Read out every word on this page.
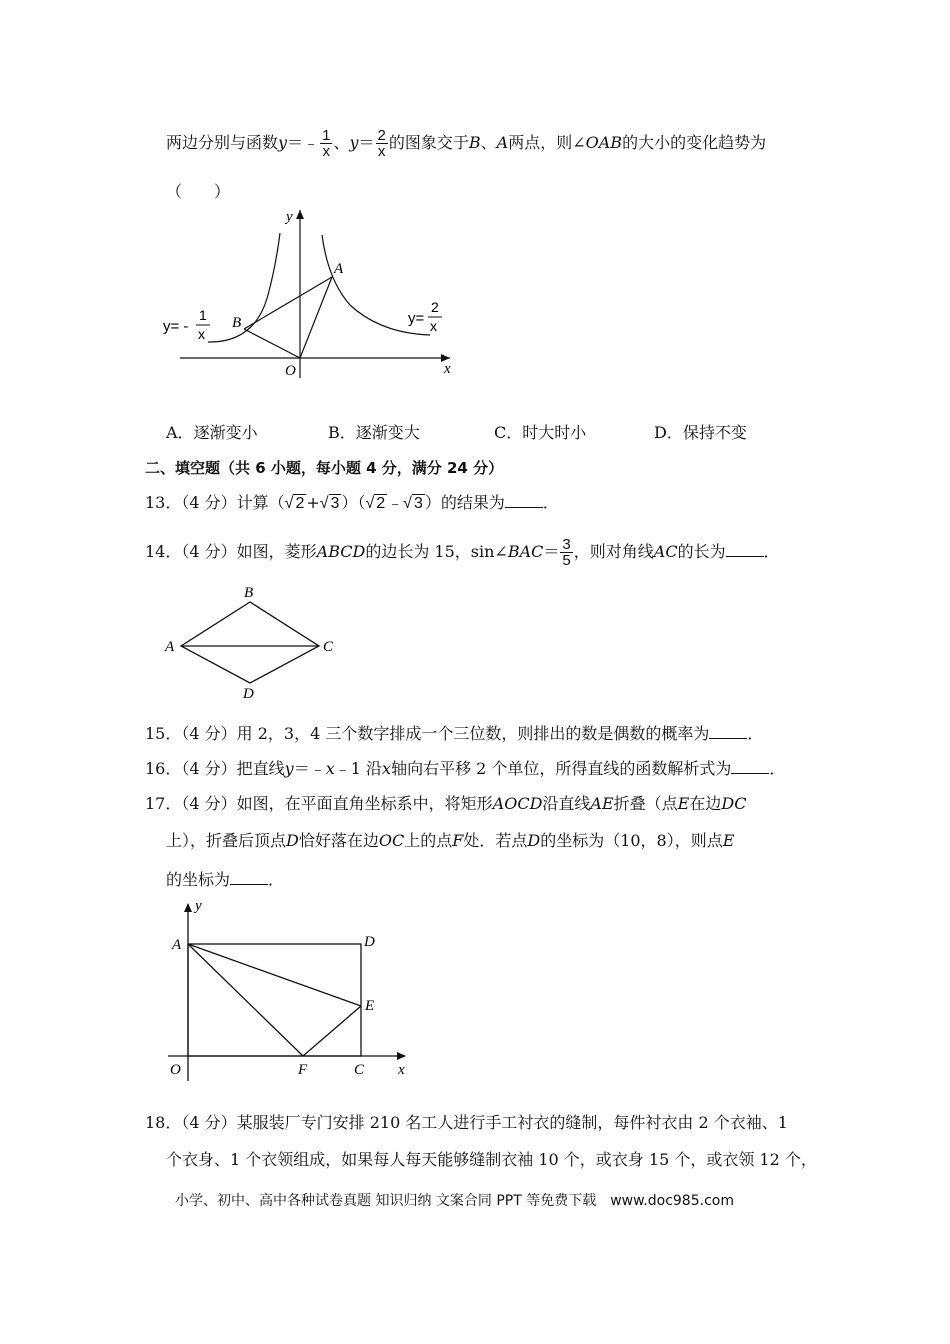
两边分别与函数y＝﹣ $\frac{1}{x}$ 、$y= \frac{2}{x}$ 的图象交于B、A两点，则∠OAB的大小的变化趋势为
（　　）
y
x
O
A
B
y= -
1
x
y=
2
x
A．逐渐变小	B．逐渐变大	C．时大时小	D．保持不变
二、填空题（共 6 小题，每小题 4 分，满分 24 分）
13．（4 分）计算（√ 2 +√ 3 ）（√ 2 ﹣√ 3 ）的结果为 ．
14．（4 分）如图，菱形ABCD的边长为 15，sin∠BAC＝ $\frac{3}{5}$ ，则对角线AC的长为 ．
A
B
C
D
15．（4 分）用 2，3，4 三个数字排成一个三位数，则排出的数是偶数的概率为 ．
16．（4 分）把直线y＝﹣x﹣1 沿x轴向右平移 2 个单位，所得直线的函数解析式为 ．
17．（4 分）如图，在平面直角坐标系中，将矩形AOCD沿直线AE折叠（点E在边DC
上），折叠后顶点D恰好落在边OC上的点F处．若点D的坐标为（10，8），则点E
的坐标为 ．
y
x
A	D
E
O	F	C
18．（4 分）某服装厂专门安排 210 名工人进行手工衬衣的缝制，每件衬衣由 2 个衣袖、1
个衣身、1 个衣领组成，如果每人每天能够缝制衣袖 10 个，或衣身 15 个，或衣领 12 个，
小学、初中、高中各种试卷真题 知识归纳 文案合同 PPT 等免费下载　www.doc985.com
